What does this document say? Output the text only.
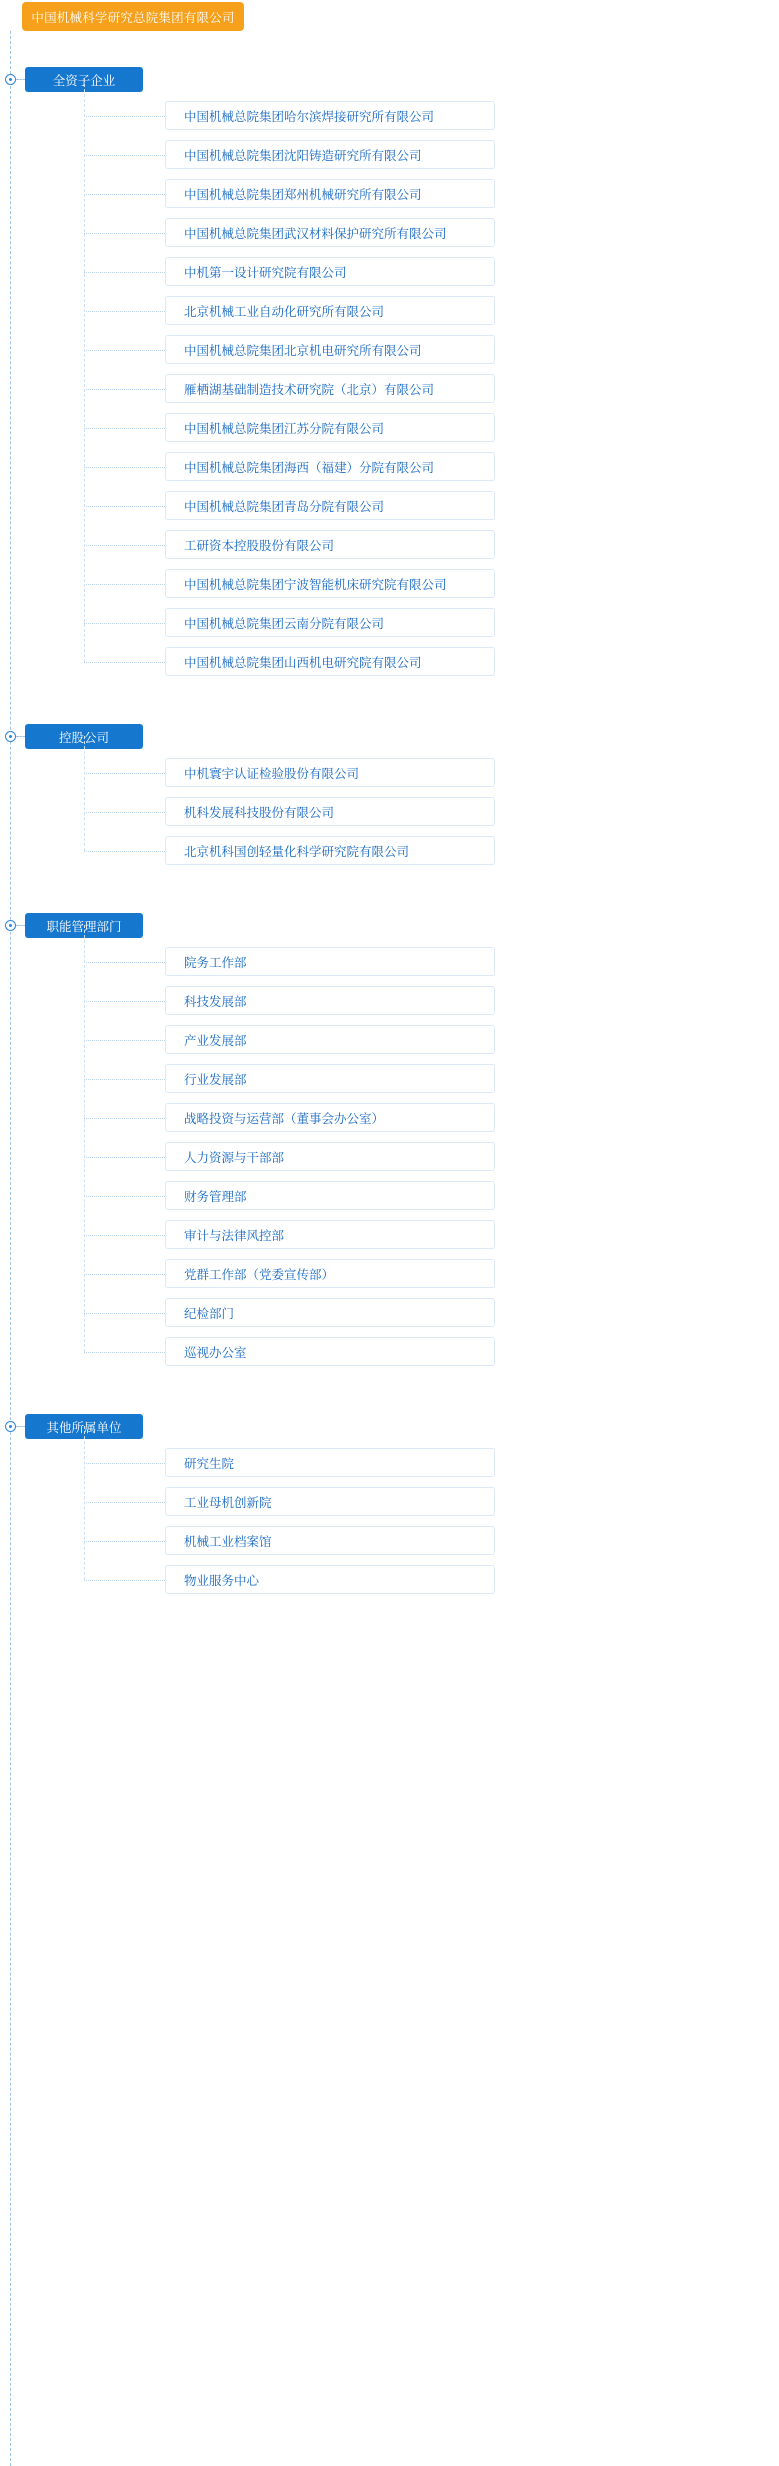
中国机械科学研究总院集团有限公司
全资子企业
中国机械总院集团哈尔滨焊接研究所有限公司
中国机械总院集团沈阳铸造研究所有限公司
中国机械总院集团郑州机械研究所有限公司
中国机械总院集团武汉材料保护研究所有限公司
中机第一设计研究院有限公司
北京机械工业自动化研究所有限公司
中国机械总院集团北京机电研究所有限公司
雁栖湖基础制造技术研究院（北京）有限公司
中国机械总院集团江苏分院有限公司
中国机械总院集团海西（福建）分院有限公司
中国机械总院集团青岛分院有限公司
工研资本控股股份有限公司
中国机械总院集团宁波智能机床研究院有限公司
中国机械总院集团云南分院有限公司
中国机械总院集团山西机电研究院有限公司
控股公司
中机寰宇认证检验股份有限公司
机科发展科技股份有限公司
北京机科国创轻量化科学研究院有限公司
职能管理部门
院务工作部
科技发展部
产业发展部
行业发展部
战略投资与运营部（董事会办公室）
人力资源与干部部
财务管理部
审计与法律风控部
党群工作部（党委宣传部）
纪检部门
巡视办公室
其他所属单位
研究生院
工业母机创新院
机械工业档案馆
物业服务中心
